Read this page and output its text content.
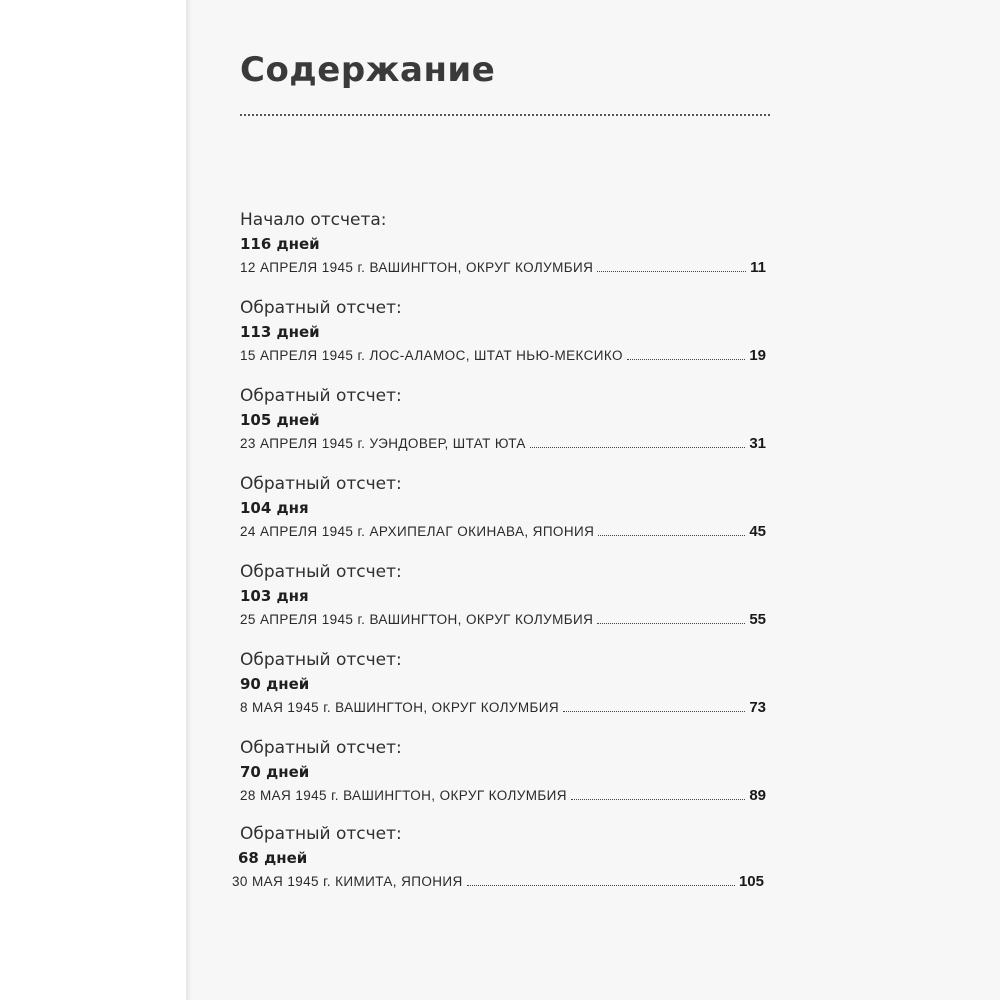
Содержание
Начало отсчета:
116 дней
12 АПРЕЛЯ 1945 г. ВАШИНГТОН, ОКРУГ КОЛУМБИЯ	11
Обратный отсчет:
113 дней
15 АПРЕЛЯ 1945 г. ЛОС-АЛАМОС, ШТАТ НЬЮ-МЕКСИКО	19
Обратный отсчет:
105 дней
23 АПРЕЛЯ 1945 г. УЭНДОВЕР, ШТАТ ЮТА	31
Обратный отсчет:
104 дня
24 АПРЕЛЯ 1945 г. АРХИПЕЛАГ ОКИНАВА, ЯПОНИЯ	45
Обратный отсчет:
103 дня
25 АПРЕЛЯ 1945 г. ВАШИНГТОН, ОКРУГ КОЛУМБИЯ	55
Обратный отсчет:
90 дней
8 МАЯ 1945 г. ВАШИНГТОН, ОКРУГ КОЛУМБИЯ	73
Обратный отсчет:
70 дней
28 МАЯ 1945 г. ВАШИНГТОН, ОКРУГ КОЛУМБИЯ	89
Обратный отсчет:
68 дней
30 МАЯ 1945 г. КИМИТА, ЯПОНИЯ	105
